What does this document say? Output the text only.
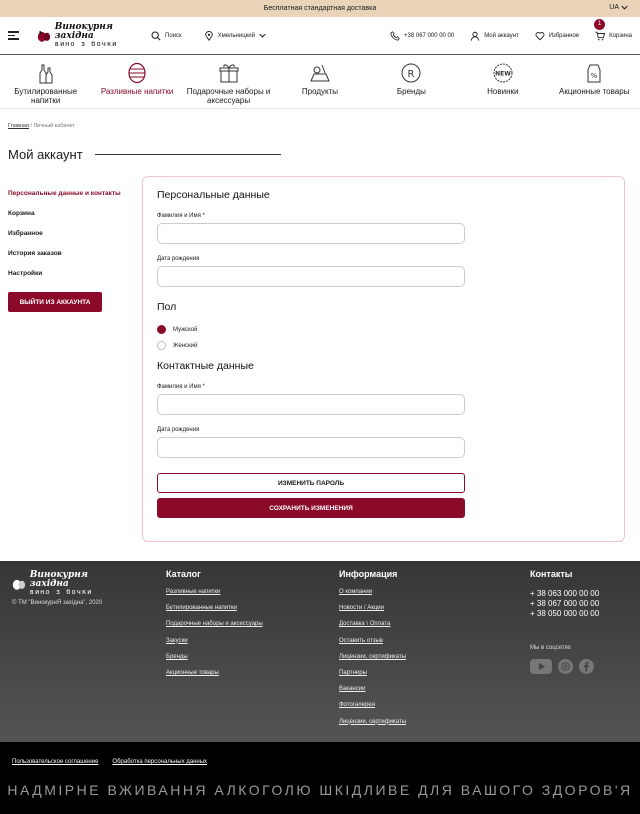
Бесплатная стандартная доставка	UA
Винокурня західна
вино з бочки
Поиск	Хмельницкий	+38 067 000 00 00	Мой аккаунт	Избранное
1
Корзина
Бутилированные напитки
Разливные напитки	Подарочные наборы и аксессуары
Продукты
R
Бренды
NEW
Новинки
%
Акционные товары
Главная / Личный кабинет
Мой аккаунт
Персональные данные и контакты
Корзина
Избранное
История заказов
Настройки
ВЫЙТИ ИЗ АККАУНТА
Персональные данные
Фамилия и Имя *
Дата рождения
Пол
Мужской
Женский
Контактные данные
Фамилия и Имя *
Дата рождения
ИЗМЕНИТЬ ПАРОЛЬ
СОХРАНИТЬ ИЗМЕНЕНИЯ
Винокурня західна
вино з бочки
© ТМ "ВинокурнЯ західна", 2020
Каталог
Разливные напитки
Бутилированные напитки
Подарочные наборы и аксессуары
Закуски
Бренды
Акционные товары
Информация
О компании
Новости / Акции
Доставка \ Оплата
Оставить отзыв
Лицензии, сертификаты
Партнеры
Вакансии
Фотогалерея
Лицензии, сертификаты
Контакты
+ 38 063 000 00 00
+ 38 067 000 00 00
+ 38 050 000 00 00
Мы в соцсетях
Пользовательское соглашение Обработка персональных данных
НАДМІРНЕ ВЖИВАННЯ АЛКОГОЛЮ ШКІДЛИВЕ ДЛЯ ВАШОГО ЗДОРОВ'Я
